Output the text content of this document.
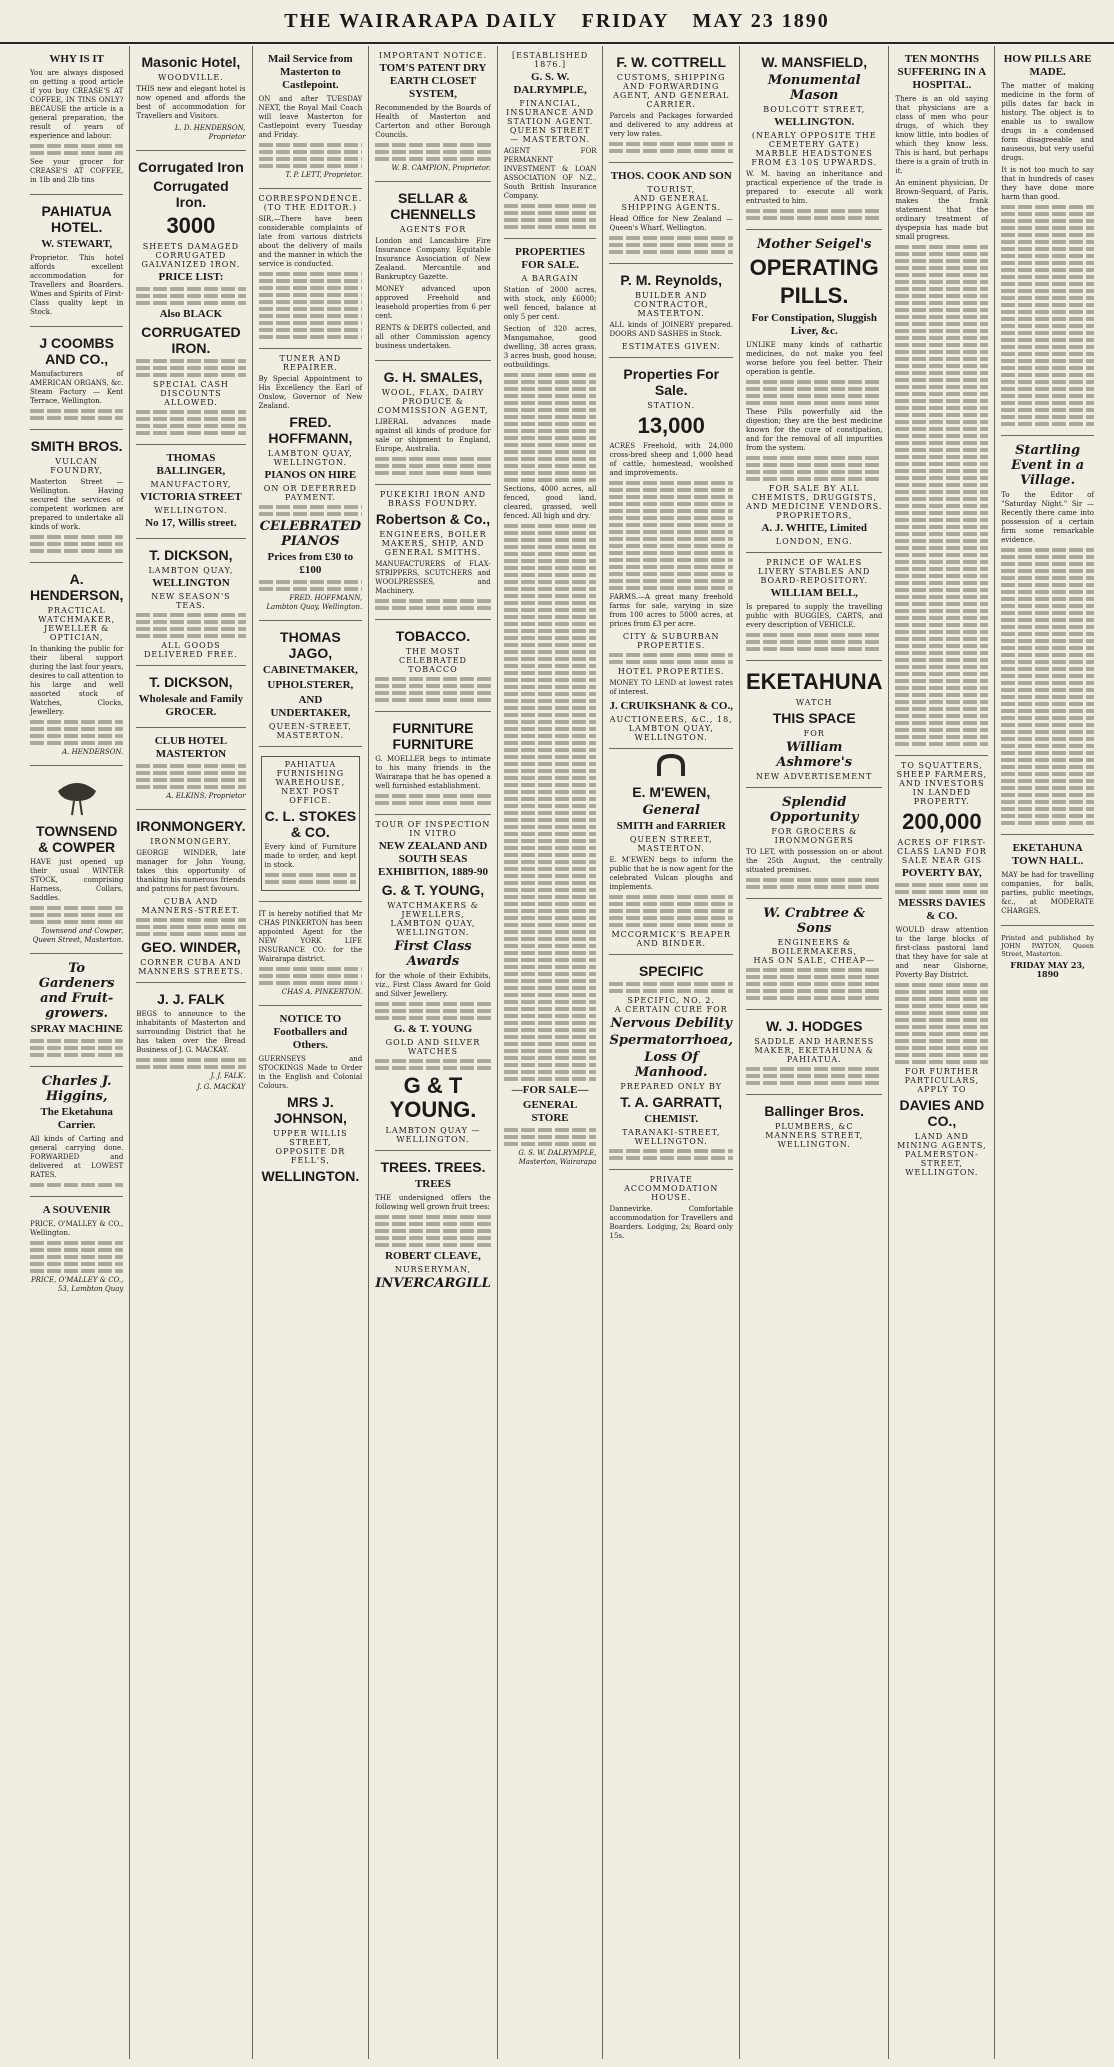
THE WAIRARAPA DAILY FRIDAY MAY 23 1890
WHY IS IT
You are always disposed on getting a good article if you buy CREASE'S AT COFFEE, IN TINS ONLY? BECAUSE the article is a general preparation, the result of years of experience and labour.
See your grocer for CREASE'S AT COFFEE, in 1lb and 2lb tins
PAHIATUA HOTEL.
W. STEWART,
Proprietor. This hotel affords excellent accommodation for Travellers and Boarders. Wines and Spirits of First-Class quality kept in Stock.
J COOMBS AND CO.,
Manufacturers of AMERICAN ORGANS, &c. Steam Factory — Kent Terrace, Wellington.
SMITH BROS.
VULCAN FOUNDRY,
Masterton Street — Wellington. Having secured the services of competent workmen are prepared to undertake all kinds of work.
A. HENDERSON,
PRACTICAL WATCHMAKER, JEWELLER & OPTICIAN,
In thanking the public for their liberal support during the last four years, desires to call attention to his large and well assorted stock of Watches, Clocks, Jewellery.
A. HENDERSON.
TOWNSEND & COWPER
HAVE just opened up their usual WINTER STOCK, comprising Harness, Collars, Saddles.
Townsend and Cowper, Queen Street, Masterton.
To Gardeners and Fruit-growers.
SPRAY MACHINE
Charles J. Higgins,
The Eketahuna Carrier.
All kinds of Carting and general carrying done. FORWARDED and delivered at LOWEST RATES.
A SOUVENIR
PRICE, O'MALLEY & CO., Wellington.
PRICE, O'MALLEY & CO., 53, Lambton Quay
Masonic Hotel,
WOODVILLE.
THIS new and elegant hotel is now opened and affords the best of accommodation for Travellers and Visitors.
L. D. HENDERSON, Proprietor
Corrugated Iron
Corrugated Iron.
3000
SHEETS DAMAGED CORRUGATED GALVANIZED IRON.
PRICE LIST:
Also BLACK
CORRUGATED IRON.
SPECIAL CASH DISCOUNTS ALLOWED.
THOMAS BALLINGER,
MANUFACTORY,
VICTORIA STREET
WELLINGTON.
No 17, Willis street.
T. DICKSON,
LAMBTON QUAY,
WELLINGTON
NEW SEASON'S TEAS.
ALL GOODS DELIVERED FREE.
T. DICKSON,
Wholesale and Family GROCER.
CLUB HOTEL MASTERTON
A. ELKINS, Proprietor
IRONMONGERY.
IRONMONGERY.
GEORGE WINDER, late manager for John Young, takes this opportunity of thanking his numerous friends and patrons for past favours.
CUBA AND MANNERS-STREET.
GEO. WINDER,
CORNER CUBA AND MANNERS STREETS.
J. J. FALK
BEGS to announce to the inhabitants of Masterton and surrounding District that he has taken over the Bread Business of J. G. MACKAY.
J. J. FALK.
J. G. MACKAY
Mail Service from Masterton to Castlepoint.
ON and after TUESDAY NEXT, the Royal Mail Coach will leave Masterton for Castlepoint every Tuesday and Friday.
T. P. LETT, Proprietor.
CORRESPONDENCE.
(TO THE EDITOR.)
SIR,—There have been considerable complaints of late from various districts about the delivery of mails and the manner in which the service is conducted.
TUNER AND REPAIRER.
By Special Appointment to His Excellency the Earl of Onslow, Governor of New Zealand.
FRED. HOFFMANN,
LAMBTON QUAY, WELLINGTON.
PIANOS ON HIRE
ON OR DEFERRED PAYMENT.
CELEBRATED PIANOS
Prices from £30 to £100
FRED. HOFFMANN, Lambton Quay, Wellington.
THOMAS JAGO,
CABINETMAKER,
UPHOLSTERER,
AND UNDERTAKER,
QUEEN-STREET, MASTERTON.
PAHIATUA FURNISHING WAREHOUSE, NEXT POST OFFICE.
C. L. STOKES & CO.
Every kind of Furniture made to order, and kept in stock.
IT is hereby notified that Mr CHAS PINKERTON has been appointed Agent for the NEW YORK LIFE INSURANCE CO. for the Wairarapa district.
CHAS A. PINKERTON.
NOTICE TO Footballers and Others.
GUERNSEYS and STOCKINGS Made to Order in the English and Colonial Colours.
MRS J. JOHNSON,
UPPER WILLIS STREET,
OPPOSITE DR FELL'S,
WELLINGTON.
IMPORTANT NOTICE.
TOM'S PATENT DRY EARTH CLOSET SYSTEM,
Recommended by the Boards of Health of Masterton and Carterton and other Borough Councils.
W. B. CAMPION, Proprietor.
SELLAR & CHENNELLS
AGENTS FOR
London and Lancashire Fire Insurance Company. Equitable Insurance Association of New Zealand. Mercantile and Bankruptcy Gazette.
MONEY advanced upon approved Freehold and leasehold properties from 6 per cent.
RENTS & DEBTS collected, and all other Commission agency business undertaken.
G. H. SMALES,
WOOL, FLAX, DAIRY PRODUCE & COMMISSION AGENT,
LIBERAL advances made against all kinds of produce for sale or shipment to England, Europe, Australia.
PUKEKIRI IRON AND BRASS FOUNDRY.
Robertson & Co.,
ENGINEERS, BOILER MAKERS, SHIP, AND GENERAL SMITHS.
MANUFACTURERS of FLAX-STRIPPERS, SCUTCHERS and WOOLPRESSES, and Machinery.
TOBACCO.
THE MOST CELEBRATED TOBACCO
FURNITURE FURNITURE
G. MOELLER begs to intimate to his many friends in the Wairarapa that he has opened a well furnished establishment.
TOUR OF INSPECTION IN VITRO
NEW ZEALAND AND SOUTH SEAS EXHIBITION, 1889-90
G. & T. YOUNG,
WATCHMAKERS & JEWELLERS, LAMBTON QUAY, WELLINGTON.
First Class Awards
for the whole of their Exhibits, viz., First Class Award for Gold and Silver Jewellery.
G. & T. YOUNG
GOLD AND SILVER WATCHES
G & T YOUNG.
LAMBTON QUAY — WELLINGTON.
TREES. TREES.
TREES
THE undersigned offers the following well grown fruit trees:
ROBERT CLEAVE,
NURSERYMAN,
INVERCARGILL
[ESTABLISHED 1876.]
G. S. W. DALRYMPLE,
FINANCIAL, INSURANCE AND STATION AGENT.
QUEEN STREET — MASTERTON.
AGENT FOR PERMANENT INVESTMENT & LOAN ASSOCIATION OF N.Z., South British Insurance Company.
PROPERTIES FOR SALE.
A BARGAIN
Station of 2000 acres, with stock, only £6000; well fenced, balance at only 5 per cent.
Section of 320 acres, Mangamahoe, good dwelling, 38 acres grass, 3 acres bush, good house, outbuildings.
Sections, 4000 acres, all fenced, good land, cleared, grassed, well fenced. All high and dry.
—FOR SALE—
GENERAL STORE
G. S. W. DALRYMPLE, Masterton, Wairarapa
F. W. COTTRELL
CUSTOMS, SHIPPING AND FORWARDING AGENT, AND GENERAL CARRIER.
Parcels and Packages forwarded and delivered to any address at very low rates.
THOS. COOK AND SON
TOURIST,
AND GENERAL SHIPPING AGENTS.
Head Office for New Zealand — Queen's Wharf, Wellington.
P. M. Reynolds,
BUILDER AND CONTRACTOR,
MASTERTON.
ALL kinds of JOINERY prepared. DOORS AND SASHES in Stock.
ESTIMATES GIVEN.
Properties For Sale.
STATION.
13,000
ACRES Freehold, with 24,000 cross-bred sheep and 1,000 head of cattle, homestead, woolshed and improvements.
FARMS.—A great many freehold farms for sale, varying in size from 100 acres to 5000 acres, at prices from £3 per acre.
CITY & SUBURBAN PROPERTIES.
HOTEL PROPERTIES.
MONEY TO LEND at lowest rates of interest.
J. CRUIKSHANK & CO.,
AUCTIONEERS, &C., 18, LAMBTON QUAY, WELLINGTON.
E. M'EWEN,
General
SMITH and FARRIER
QUEEN STREET, MASTERTON.
E. M'EWEN begs to inform the public that he is now agent for the celebrated Vulcan ploughs and implements.
MCCORMICK'S REAPER AND BINDER.
SPECIFIC
SPECIFIC, NO. 2.
A CERTAIN CURE FOR
Nervous Debility
Spermatorrhoea,
Loss Of Manhood.
PREPARED ONLY BY
T. A. GARRATT,
CHEMIST.
TARANAKI-STREET, WELLINGTON.
PRIVATE ACCOMMODATION HOUSE.
Dannevirke. Comfortable accommodation for Travellers and Boarders. Lodging, 2s; Board only 15s.
W. MANSFIELD,
Monumental Mason
BOULCOTT STREET,
WELLINGTON.
(NEARLY OPPOSITE THE CEMETERY GATE)
MARBLE HEADSTONES FROM £3 10S UPWARDS.
W. M. having an inheritance and practical experience of the trade is prepared to execute all work entrusted to him.
Mother Seigel's
OPERATING
PILLS.
For Constipation, Sluggish Liver, &c.
UNLIKE many kinds of cathartic medicines, do not make you feel worse before you feel better. Their operation is gentle.
These Pills powerfully aid the digestion; they are the best medicine known for the cure of constipation, and for the removal of all impurities from the system.
FOR SALE BY ALL CHEMISTS, DRUGGISTS, AND MEDICINE VENDORS.
PROPRIETORS,
A. J. WHITE, Limited
LONDON, ENG.
PRINCE OF WALES LIVERY STABLES AND BOARD-REPOSITORY.
WILLIAM BELL,
Is prepared to supply the travelling public with BUGGIES, CARTS, and every description of VEHICLE.
EKETAHUNA
WATCH
THIS SPACE
FOR
William Ashmore's
NEW ADVERTISEMENT
Splendid Opportunity
FOR GROCERS & IRONMONGERS
TO LET, with possession on or about the 25th August, the centrally situated premises.
W. Crabtree & Sons
ENGINEERS & BOILERMAKERS,
HAS ON SALE, CHEAP—
W. J. HODGES
SADDLE AND HARNESS MAKER, EKETAHUNA & PAHIATUA.
Ballinger Bros.
PLUMBERS, &C
MANNERS STREET, WELLINGTON.
TEN MONTHS SUFFERING IN A HOSPITAL.
There is an old saying that physicians are a class of men who pour drugs, of which they know little, into bodies of which they know less. This is hard, but perhaps there is a grain of truth in it.
An eminent physician, Dr Brown-Sequard, of Paris, makes the frank statement that the ordinary treatment of dyspepsia has made but small progress.
TO SQUATTERS, SHEEP FARMERS, AND INVESTORS
IN LANDED PROPERTY.
200,000
ACRES OF FIRST-CLASS LAND FOR SALE NEAR GIS
POVERTY BAY,
MESSRS DAVIES & CO.
WOULD draw attention to the large blocks of first-class pastoral land that they have for sale at and near Gisborne, Poverty Bay District.
FOR FURTHER PARTICULARS, APPLY TO
DAVIES AND CO.,
LAND AND MINING AGENTS,
PALMERSTON-STREET, WELLINGTON.
HOW PILLS ARE MADE.
The matter of making medicine in the form of pills dates far back in history. The object is to enable us to swallow drugs in a condensed form disagreeable and nauseous, but very useful drugs.
It is not too much to say that in hundreds of cases they have done more harm than good.
Startling Event in a Village.
To the Editor of "Saturday Night." Sir — Recently there came into possession of a certain firm some remarkable evidence.
EKETAHUNA TOWN HALL.
MAY be had for travelling companies, for balls, parties, public meetings, &c., at MODERATE CHARGES.
Printed and published by JOHN PAYTON, Queen Street, Masterton.
FRIDAY MAY 23, 1890
